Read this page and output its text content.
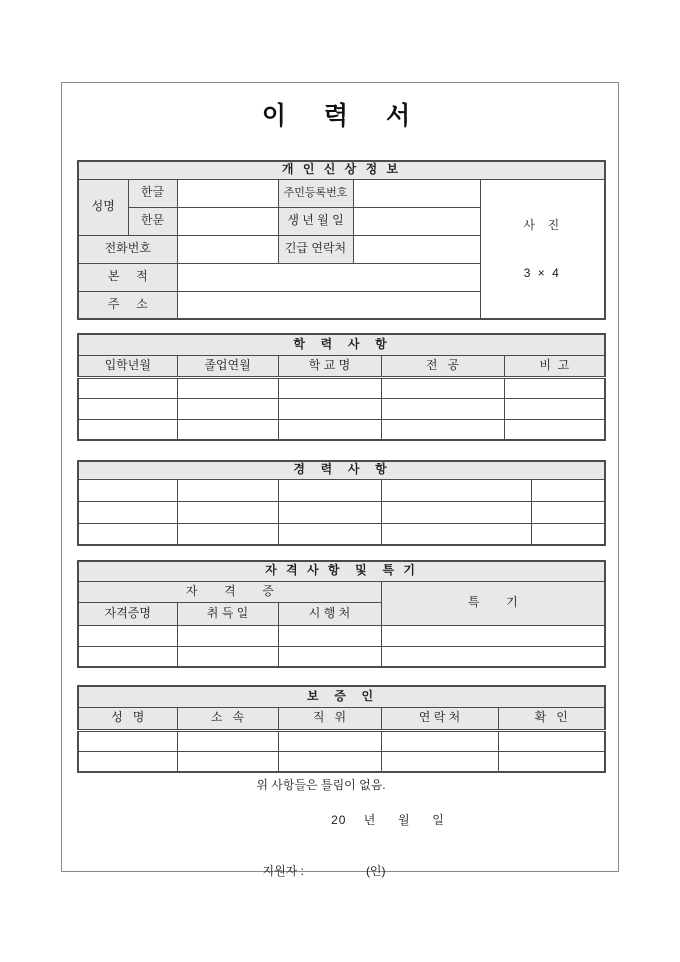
이  력  서
개 인 신 상 정 보					
성명	한글		주민등록번호		사  진

3 × 4

	한문		생 년 월 일		
전화번호			긴급 연락처		
본     적					
주     소					
학  력  사  항				
입학년월	졸업연월	학 교 명	전   공	비  고

경  력  사  항				

자 격 사 항  및  특 기			
자        격        증			특        기
자격증명	취 득 일	시 행 처	

보  증  인				
성   명	소   속	직   위	연 락 처	확   인

위 사항들은 틀림이 없음.
20    년     월     일

지원자 :	(인)
